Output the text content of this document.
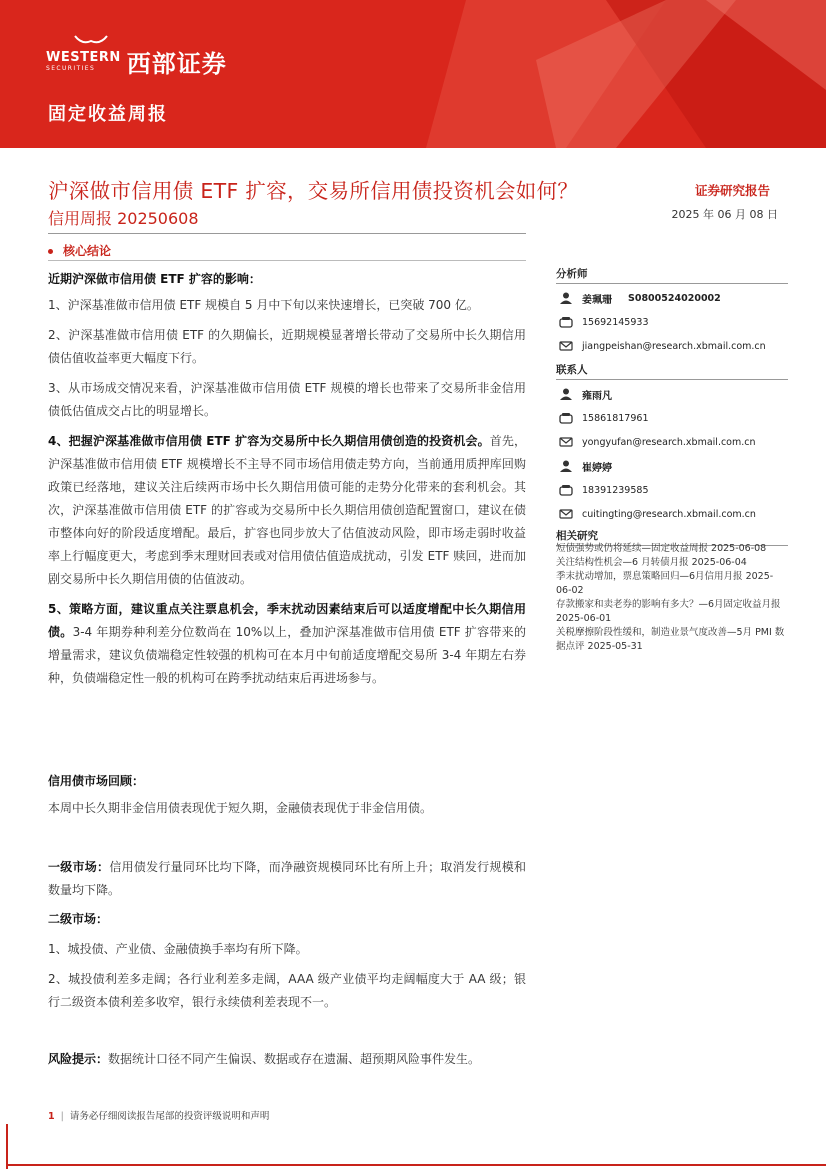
WESTERN
SECURITIES	西部证券
固定收益周报
沪深做市信用债 ETF 扩容，交易所信用债投资机会如何？	证券研究报告
信用周报 20250608	2025 年 06 月 08 日
核心结论

近期沪深做市信用债 ETF 扩容的影响：

1、沪深基准做市信用债 ETF 规模自 5 月中下旬以来快速增长，已突破 700 亿。

2、沪深基准做市信用债 ETF 的久期偏长，近期规模显著增长带动了交易所中长久期信用债估值收益率更大幅度下行。

3、从市场成交情况来看，沪深基准做市信用债 ETF 规模的增长也带来了交易所非金信用债低估值成交占比的明显增长。

4、把握沪深基准做市信用债 ETF 扩容为交易所中长久期信用债创造的投资机会。首先，沪深基准做市信用债 ETF 规模增长不主导不同市场信用债走势方向，当前通用质押库回购政策已经落地，建议关注后续两市场中长久期信用债可能的走势分化带来的套利机会。其次，沪深基准做市信用债 ETF 的扩容或为交易所中长久期信用债创造配置窗口，建议在债市整体向好的阶段适度增配。最后，扩容也同步放大了估值波动风险，即市场走弱时收益率上行幅度更大，考虑到季末理财回表或对信用债估值造成扰动，引发 ETF 赎回，进而加剧交易所中长久期信用债的估值波动。

5、策略方面，建议重点关注票息机会，季末扰动因素结束后可以适度增配中长久期信用债。3-4 年期券种利差分位数尚在 10%以上，叠加沪深基准做市信用债 ETF 扩容带来的增量需求，建议负债端稳定性较强的机构可在本月中旬前适度增配交易所 3-4 年期左右券种，负债端稳定性一般的机构可在跨季扰动结束后再进场参与。

信用债市场回顾：

本周中长久期非金信用债表现优于短久期，金融债表现优于非金信用债。

一级市场：信用债发行量同环比均下降，而净融资规模同环比有所上升；取消发行规模和数量均下降。

二级市场：

1、城投债、产业债、金融债换手率均有所下降。

2、城投债利差多走阔；各行业利差多走阔，AAA 级产业债平均走阔幅度大于 AA 级；银行二级资本债利差多收窄，银行永续债利差表现不一。

风险提示：数据统计口径不同产生偏误、数据或存在遗漏、超预期风险事件发生。

分析师
姜珮珊 S0800524020002
15692145933
jiangpeishan@research.xbmail.com.cn
联系人
雍雨凡
15861817961
yongyufan@research.xbmail.com.cn
崔婷婷
18391239585
cuitingting@research.xbmail.com.cn
相关研究
短债强势或仍将延续—固定收益周报 2025-06-08
关注结构性机会—6 月转债月报 2025-06-04
季末扰动增加，票息策略回归—6月信用月报 2025-06-02
存款搬家和卖老券的影响有多大？—6月固定收益月报 2025-06-01
关税摩擦阶段性缓和，制造业景气度改善—5月 PMI 数据点评 2025-05-31
1 | 请务必仔细阅读报告尾部的投资评级说明和声明
